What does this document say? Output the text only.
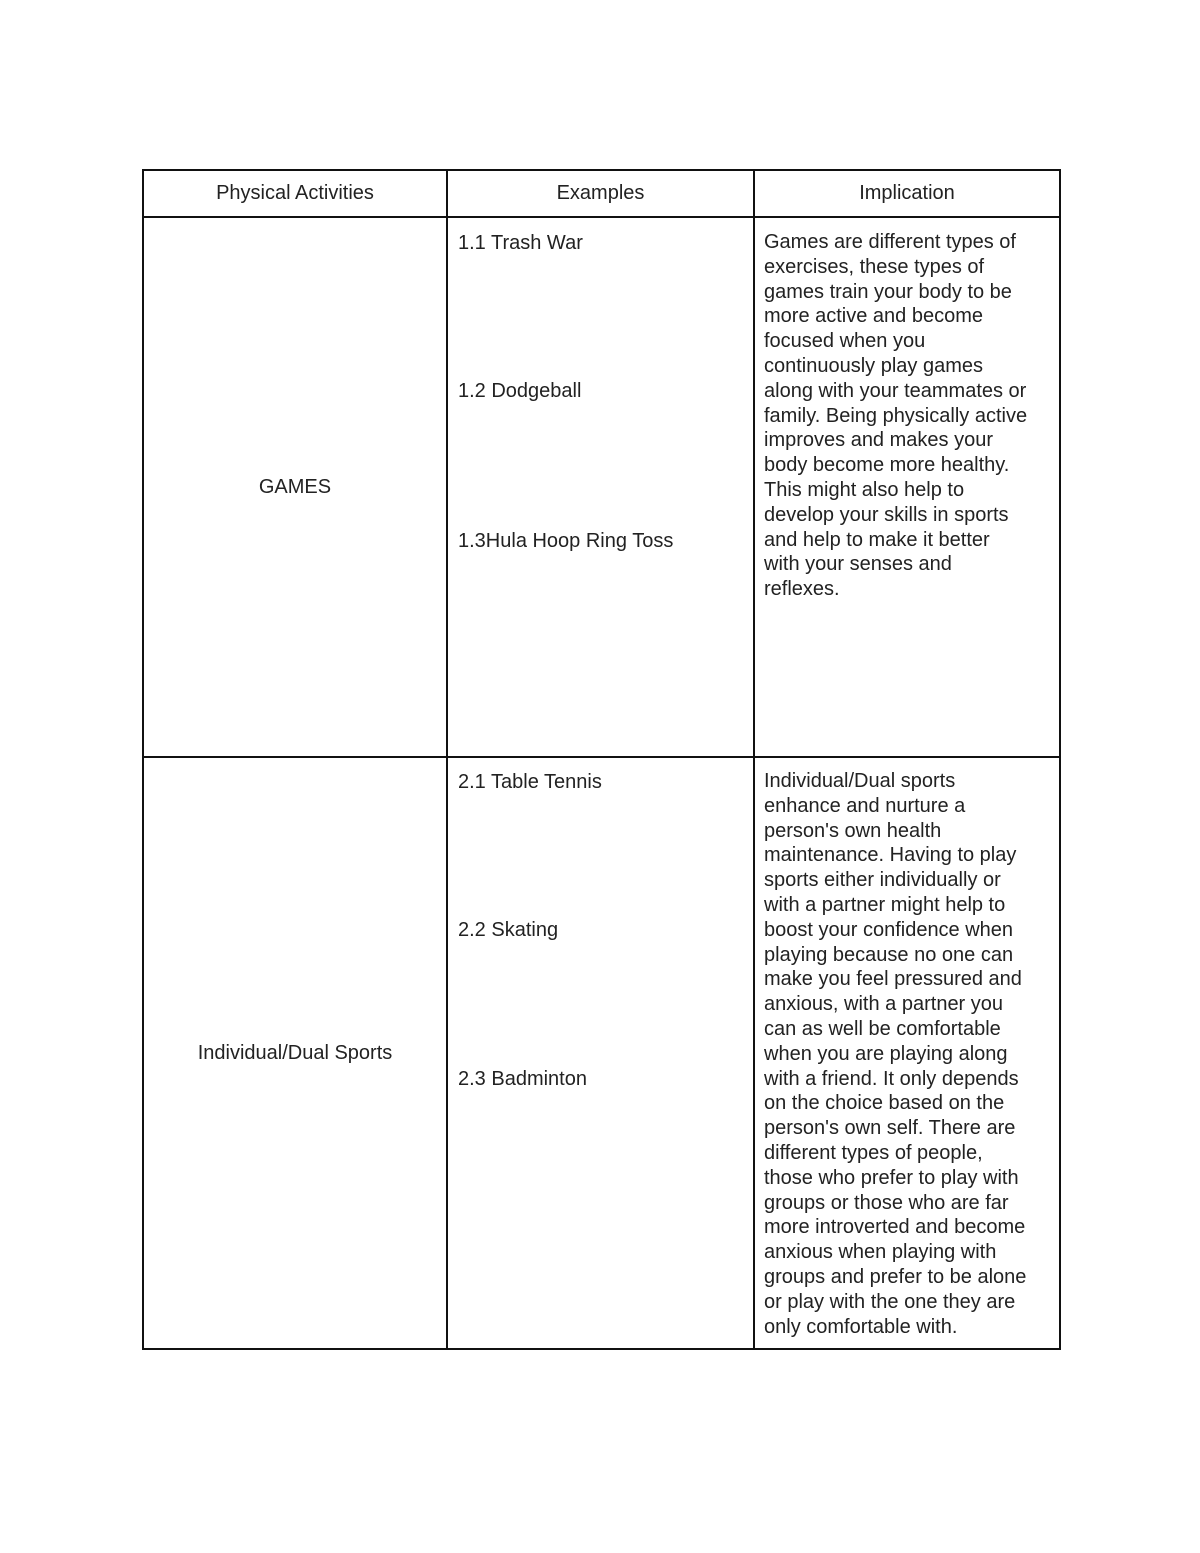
Physical Activities	Examples	Implication
GAMES
1.1 Trash War
1.2 Dodgeball
1.3Hula Hoop Ring Toss

Games are different types of
exercises, these types of
games train your body to be
more active and become
focused when you
continuously play games
along with your teammates or
family. Being physically active
improves and makes your
body become more healthy.
This might also help to
develop your skills in sports
and help to make it better
with your senses and
reflexes.

Individual/Dual Sports
2.1 Table Tennis
2.2 Skating
2.3 Badminton

Individual/Dual sports
enhance and nurture a
person's own health
maintenance. Having to play
sports either individually or
with a partner might help to
boost your confidence when
playing because no one can
make you feel pressured and
anxious, with a partner you
can as well be comfortable
when you are playing along
with a friend. It only depends
on the choice based on the
person's own self. There are
different types of people,
those who prefer to play with
groups or those who are far
more introverted and become
anxious when playing with
groups and prefer to be alone
or play with the one they are
only comfortable with.
